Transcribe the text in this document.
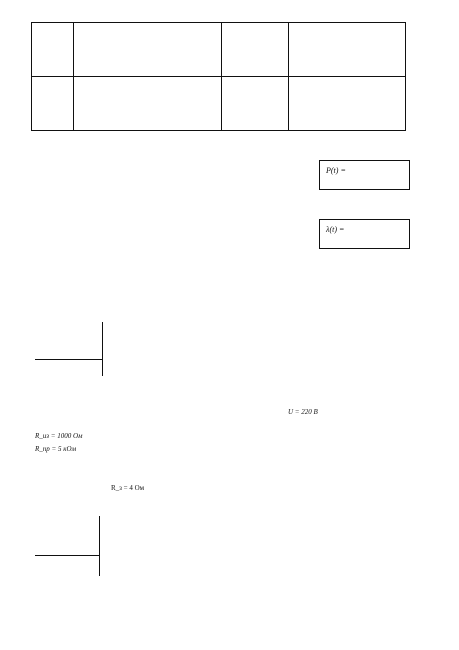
P(t) =
λ(t) =
U = 220 В
R_из = 1000 Ом
R_пр = 5 кОм
R_з = 4 Ом
